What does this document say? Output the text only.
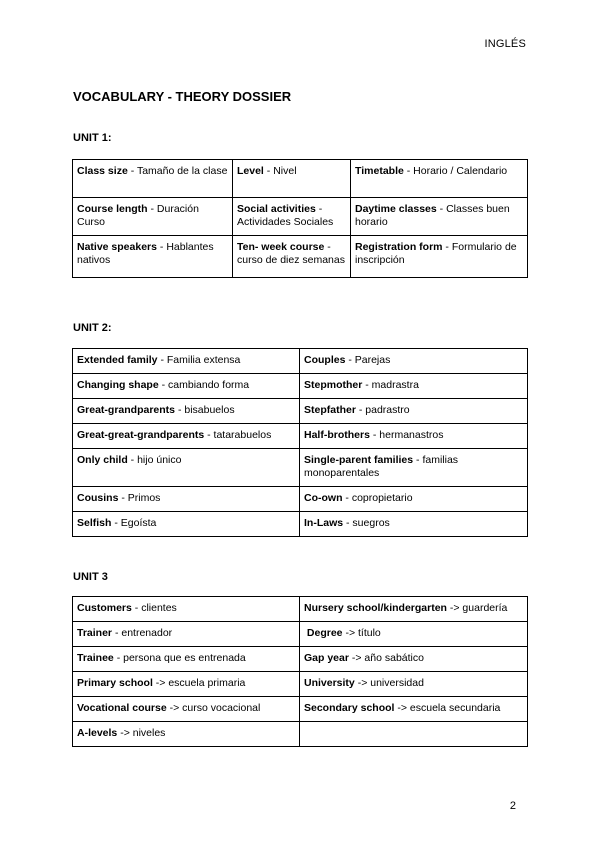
INGLÉS
VOCABULARY - THEORY DOSSIER
UNIT 1:
Class size - Tamaño de la clase	Level - Nivel	Timetable - Horario / Calendario
Course length - Duración Curso	Social activities - Actividades Sociales	Daytime classes - Classes buen horario
Native speakers - Hablantes nativos	Ten- week course - curso de diez semanas	Registration form - Formulario de inscripción
UNIT 2:
Extended family - Familia extensa	Couples - Parejas
Changing shape - cambiando forma	Stepmother - madrastra
Great-grandparents - bisabuelos	Stepfather - padrastro
Great-great-grandparents - tatarabuelos	Half-brothers - hermanastros
Only child - hijo único	Single-parent families - familias monoparentales
Cousins - Primos	Co-own - copropietario
Selfish - Egoísta	In-Laws - suegros
UNIT 3
Customers - clientes	Nursery school/kindergarten -> guardería
Trainer - entrenador	Degree -> título
Trainee - persona que es entrenada	Gap year -> año sabático
Primary school -> escuela primaria	University -> universidad
Vocational course -> curso vocacional	Secondary school -> escuela secundaria
A-levels -> niveles	
2
